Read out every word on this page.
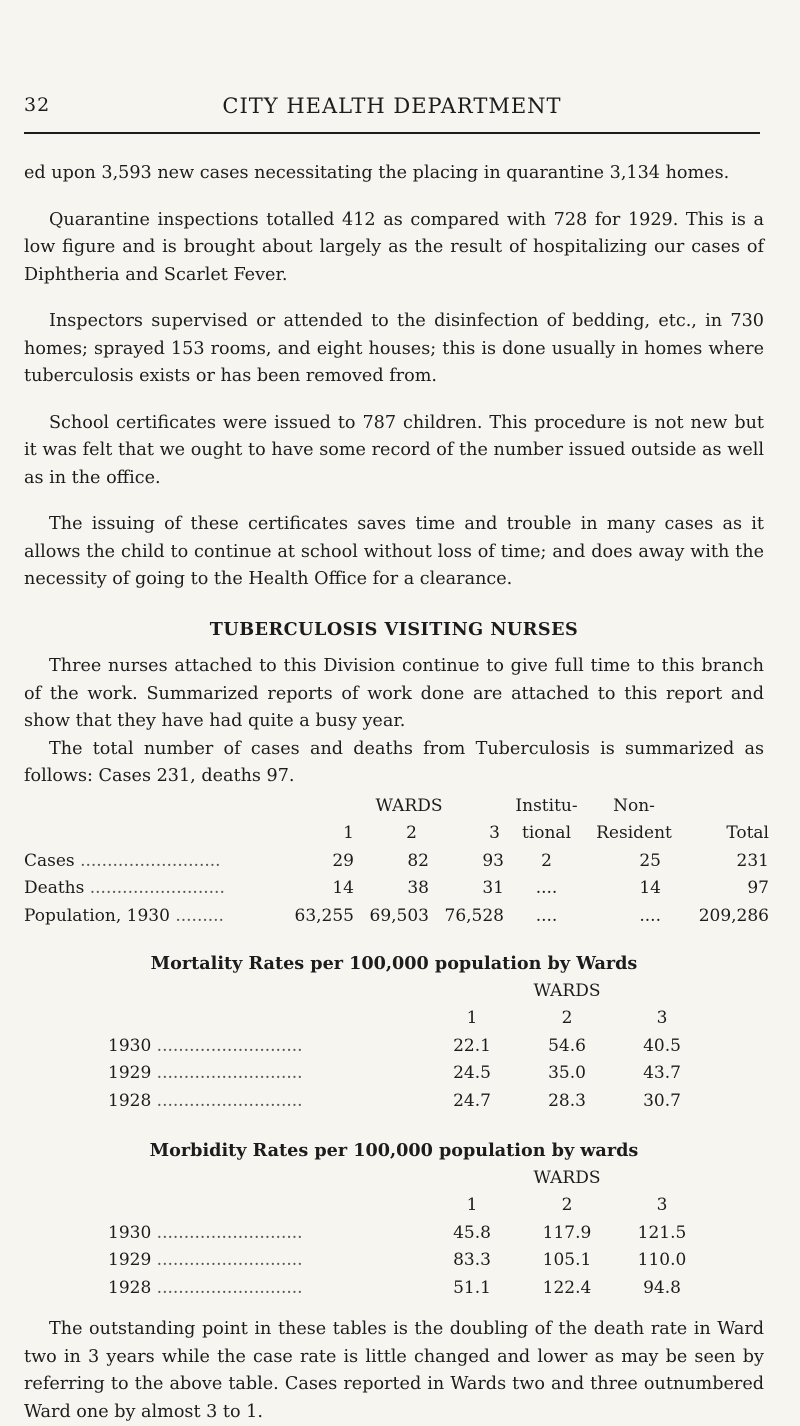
32	CITY HEALTH DEPARTMENT

ed upon 3,593 new cases necessitating the placing in quarantine 3,134 homes.

Quarantine inspections totalled 412 as compared with 728 for 1929. This is a low figure and is brought about largely as the result of hospitalizing our cases of Diphtheria and Scarlet Fever.

Inspectors supervised or attended to the disinfection of bedding, etc., in 730 homes; sprayed 153 rooms, and eight houses; this is done usually in homes where tuberculosis exists or has been removed from.

School certificates were issued to 787 children. This procedure is not new but it was felt that we ought to have some record of the number issued outside as well as in the office.

The issuing of these certificates saves time and trouble in many cases as it allows the child to continue at school without loss of time; and does away with the necessity of going to the Health Office for a clearance.

TUBERCULOSIS VISITING NURSES

Three nurses attached to this Division continue to give full time to this branch of the work. Summarized reports of work done are attached to this report and show that they have had quite a busy year.

The total number of cases and deaths from Tuberculosis is summarized as follows: Cases 231, deaths 97.

	WARDS			Institu-	Non-	
	1	2	3	tional	Resident	Total
Cases ..........................	29	82	93	2	25	231
Deaths .........................	14	38	31	....	14	97
Population, 1930 .........	63,255	69,503	76,528	....	....	209,286

Mortality Rates per 100,000 population by Wards

	WARDS		
	1	2	3
1930 ...........................	22.1	54.6	40.5
1929 ...........................	24.5	35.0	43.7
1928 ...........................	24.7	28.3	30.7

Morbidity Rates per 100,000 population by wards

	WARDS		
	1	2	3
1930 ...........................	45.8	117.9	121.5
1929 ...........................	83.3	105.1	110.0
1928 ...........................	51.1	122.4	94.8

The outstanding point in these tables is the doubling of the death rate in Ward two in 3 years while the case rate is little changed and lower as may be seen by referring to the above table. Cases reported in Wards two and three outnumbered Ward one by almost 3 to 1.
